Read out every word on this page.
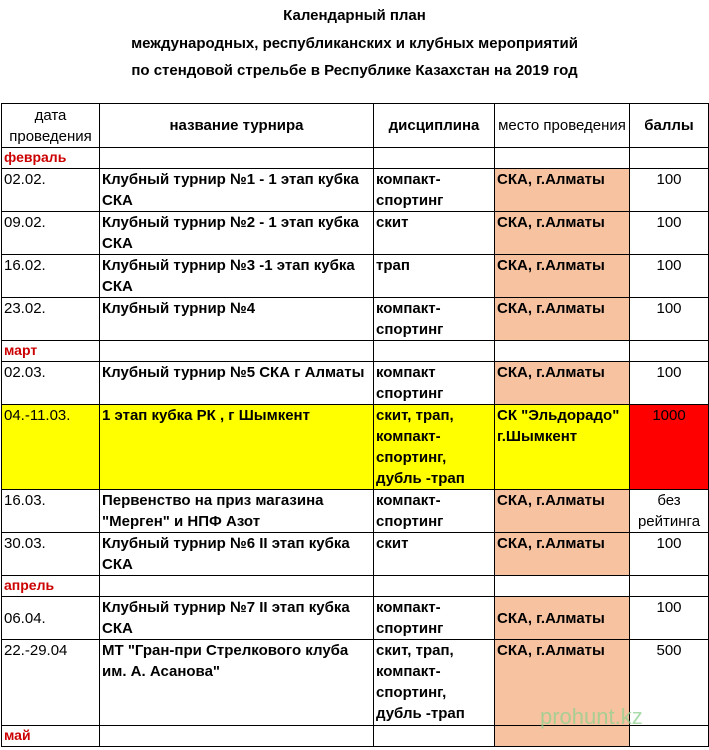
Календарный план
международных, республиканских и клубных мероприятий
по стендовой стрельбе в Республике Казахстан на 2019 год
дата проведения	название турнира	дисциплина	место проведения	баллы
февраль				
02.02.	Клубный турнир №1 - 1 этап кубка СКА	компакт-спортинг	СКА, г.Алматы	100
09.02.	Клубный турнир №2 - 1 этап кубка СКА	скит	СКА, г.Алматы	100
16.02.	Клубный турнир №3 -1 этап кубка СКА	трап	СКА, г.Алматы	100
23.02.	Клубный турнир №4	компакт-спортинг	СКА, г.Алматы	100
март				
02.03.	Клубный турнир №5 СКА г Алматы	компакт спортинг	СКА, г.Алматы	100
04.-11.03.	1 этап кубка РК , г Шымкент	скит, трап, компакт-спортинг, дубль -трап	СК "Эльдорадо" г.Шымкент	1000
16.03.	Первенство на приз магазина "Мерген" и НПФ Азот	компакт-спортинг	СКА, г.Алматы	без рейтинга
30.03.	Клубный турнир №6 II этап кубка СКА	скит	СКА, г.Алматы	100
апрель				
06.04.	Клубный турнир №7 II этап кубка СКА	компакт-спортинг	СКА, г.Алматы	100
22.-29.04	МТ "Гран-при Стрелкового клуба им. А. Асанова"	скит, трап, компакт-спортинг, дубль -трап	СКА, г.Алматы	500
май				
prohunt.kz
